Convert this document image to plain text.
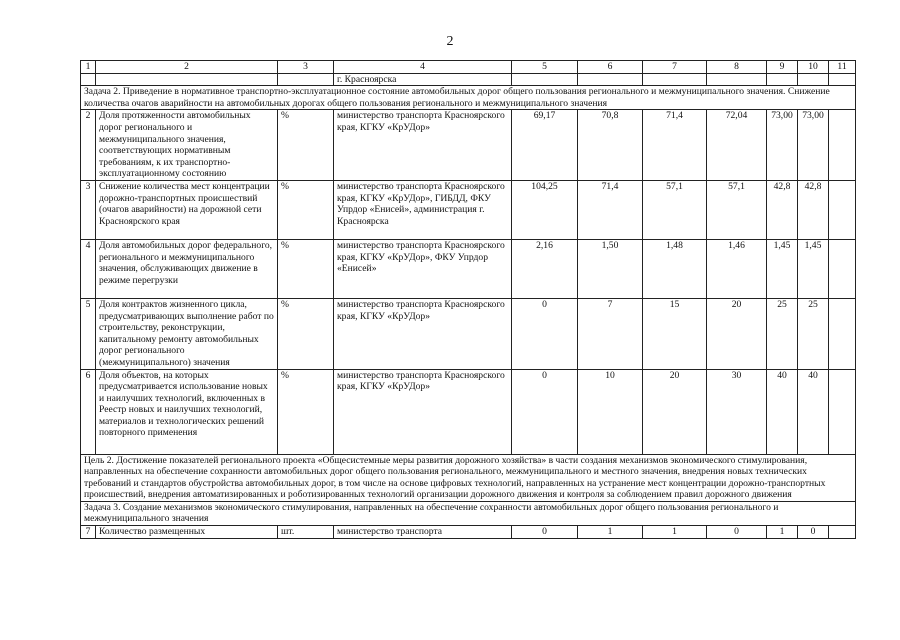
2
1	2	3	4	5	6	7	8	9	10	11
			г. Красноярска							
Задача 2. Приведение в нормативное транспортно-эксплуатационное состояние автомобильных дорог общего пользования регионального и межмуниципального значения. Снижение количества очагов аварийности на автомобильных дорогах общего пользования регионального и межмуниципального значения										
2	Доля протяженности автомобильных дорог регионального и межмуниципального значения, соответствующих нормативным требованиям, к их транспортно-эксплуатационному состоянию	%	министерство транспорта Красноярского края, КГКУ «КрУДор»	69,17	70,8	71,4	72,04	73,00	73,00	
3	Снижение количества мест концентрации дорожно-транспортных происшествий (очагов аварийности) на дорожной сети Красноярского края	%	министерство транспорта Красноярского края, КГКУ «КрУДор», ГИБДД, ФКУ Упрдор «Енисей», администрация г. Красноярска	104,25	71,4	57,1	57,1	42,8	42,8	
4	Доля автомобильных дорог федерального, регионального и межмуниципального значения, обслуживающих движение в режиме перегрузки	%	министерство транспорта Красноярского края, КГКУ «КрУДор», ФКУ Упрдор «Енисей»	2,16	1,50	1,48	1,46	1,45	1,45	
5	Доля контрактов жизненного цикла, предусматривающих выполнение работ по строительству, реконструкции, капитальному ремонту автомобильных дорог регионального (межмуниципального) значения	%	министерство транспорта Красноярского края, КГКУ «КрУДор»	0	7	15	20	25	25	
6	Доля объектов, на которых предусматривается использование новых и наилучших технологий, включенных в Реестр новых и наилучших технологий, материалов и технологических решений повторного применения	%	министерство транспорта Красноярского края, КГКУ «КрУДор»	0	10	20	30	40	40	
Цель 2. Достижение показателей регионального проекта «Общесистемные меры развития дорожного хозяйства» в части создания механизмов экономического стимулирования, направленных на обеспечение сохранности автомобильных дорог общего пользования регионального, межмуниципального и местного значения, внедрения новых технических требований и стандартов обустройства автомобильных дорог, в том числе на основе цифровых технологий, направленных на устранение мест концентрации дорожно-транспортных происшествий, внедрения автоматизированных и роботизированных технологий организации дорожного движения и контроля за соблюдением правил дорожного движения										
Задача 3. Создание механизмов экономического стимулирования, направленных на обеспечение сохранности автомобильных дорог общего пользования регионального и межмуниципального значения										
7	Количество размещенных	шт.	министерство транспорта	0	1	1	0	1	0	
